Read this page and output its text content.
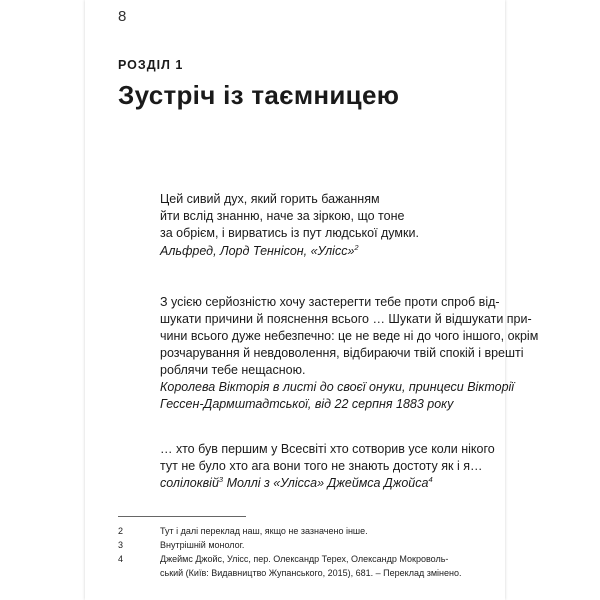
8
РОЗДІЛ 1
Зустріч із таємницею
Цей сивий дух, який горить бажанням
йти вслід знанню, наче за зіркою, що тоне
за обрієм, і вирватись із пут людської думки.
Альфред, Лорд Теннісон, «Улісс»$^2$
З усією серйозністю хочу застерегти тебе проти спроб від-
шукати причини й пояснення всього … Шукати й відшукати при-
чини всього дуже небезпечно: це не веде ні до чого іншого, окрім
розчарування й невдоволення, відбираючи твій спокій і врешті
роблячи тебе нещасною.
Королева Вікторія в листі до своєї онуки, принцеси Вікторії
Гессен-Дармштадтської, від 22 серпня 1883 року
… хто був першим у Всесвіті хто сотворив усе коли нікого
тут не було хто ага вони того не знають достоту як і я…
солілоквій$^3$ Моллі з «Улісса» Джеймса Джойса$^4$
2	Тут і далі переклад наш, якщо не зазначено інше.
3	Внутрішній монолог.
4	Джеймс Джойс, Улісс, пер. Олександр Терех, Олександр Мокроволь-
ський (Київ: Видавництво Жупанського, 2015), 681. – Переклад змінено.
